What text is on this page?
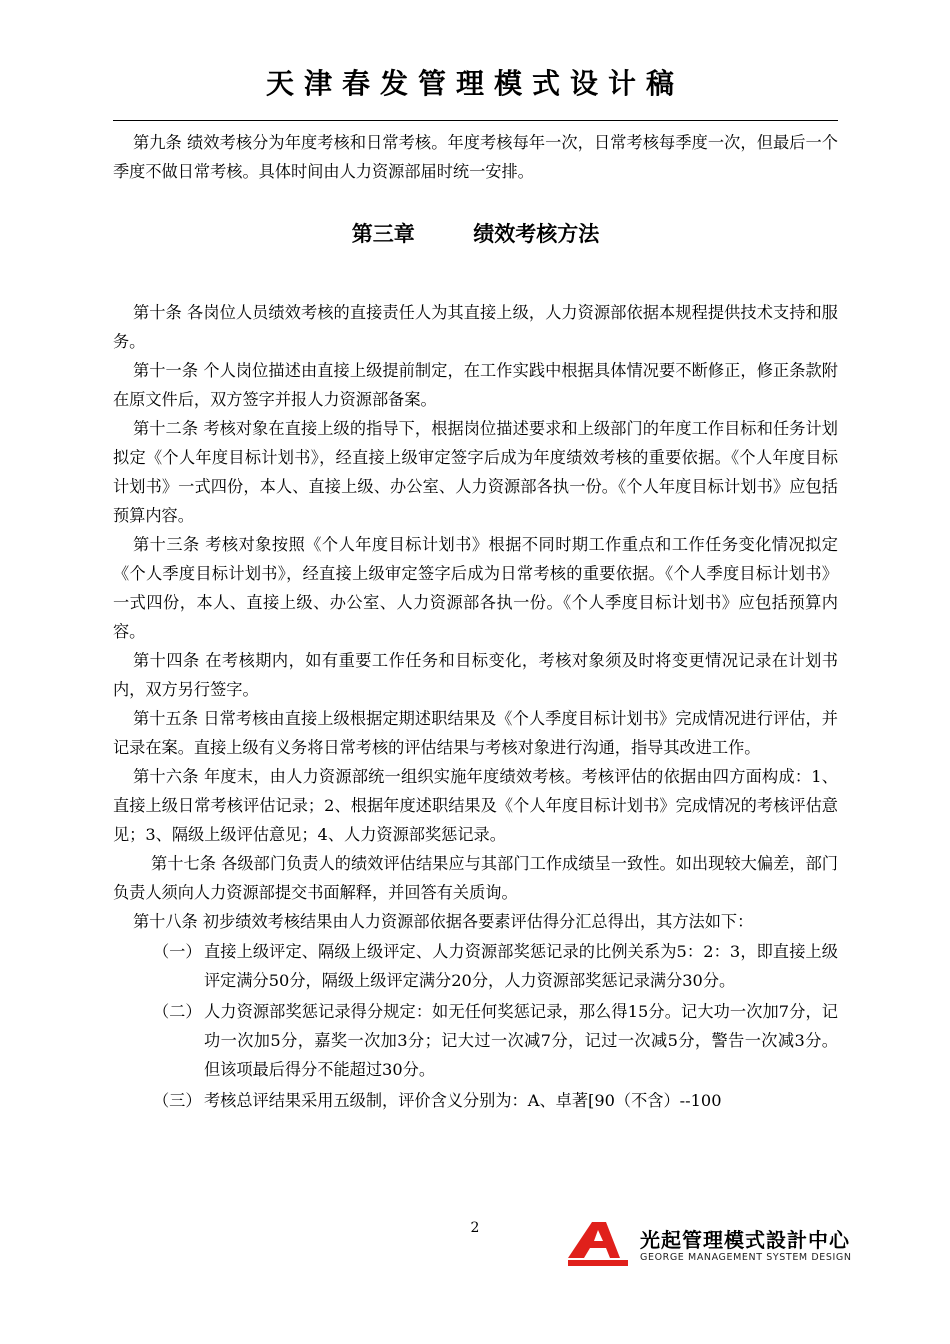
天津春发管理模式设计稿

第九条 绩效考核分为年度考核和日常考核。年度考核每年一次，日常考核每季度一次，但最后一个季度不做日常考核。具体时间由人力资源部届时统一安排。

第三章        绩效考核方法

第十条 各岗位人员绩效考核的直接责任人为其直接上级，人力资源部依据本规程提供技术支持和服务。

第十一条 个人岗位描述由直接上级提前制定，在工作实践中根据具体情况要不断修正，修正条款附在原文件后，双方签字并报人力资源部备案。

第十二条 考核对象在直接上级的指导下，根据岗位描述要求和上级部门的年度工作目标和任务计划拟定《个人年度目标计划书》，经直接上级审定签字后成为年度绩效考核的重要依据。《个人年度目标计划书》一式四份，本人、直接上级、办公室、人力资源部各执一份。《个人年度目标计划书》应包括预算内容。

第十三条 考核对象按照《个人年度目标计划书》根据不同时期工作重点和工作任务变化情况拟定《个人季度目标计划书》，经直接上级审定签字后成为日常考核的重要依据。《个人季度目标计划书》一式四份，本人、直接上级、办公室、人力资源部各执一份。《个人季度目标计划书》应包括预算内容。

第十四条 在考核期内，如有重要工作任务和目标变化，考核对象须及时将变更情况记录在计划书内，双方另行签字。

第十五条 日常考核由直接上级根据定期述职结果及《个人季度目标计划书》完成情况进行评估，并记录在案。直接上级有义务将日常考核的评估结果与考核对象进行沟通，指导其改进工作。

第十六条 年度末，由人力资源部统一组织实施年度绩效考核。考核评估的依据由四方面构成：1、直接上级日常考核评估记录；2、根据年度述职结果及《个人年度目标计划书》完成情况的考核评估意见；3、隔级上级评估意见；4、人力资源部奖惩记录。

第十七条 各级部门负责人的绩效评估结果应与其部门工作成绩呈一致性。如出现较大偏差，部门负责人须向人力资源部提交书面解释，并回答有关质询。

第十八条 初步绩效考核结果由人力资源部依据各要素评估得分汇总得出，其方法如下：

（一） 直接上级评定、隔级上级评定、人力资源部奖惩记录的比例关系为5：2：3，即直接上级评定满分50分，隔级上级评定满分20分，人力资源部奖惩记录满分30分。
（二） 人力资源部奖惩记录得分规定：如无任何奖惩记录，那么得15分。记大功一次加7分，记功一次加5分，嘉奖一次加3分；记大过一次减7分，记过一次减5分，警告一次减3分。但该项最后得分不能超过30分。
（三） 考核总评结果采用五级制，评价含义分别为：A、卓著[90（不含）--100
2	光起管理模式設計中心
GEORGE MANAGEMENT SYSTEM DESIGN
